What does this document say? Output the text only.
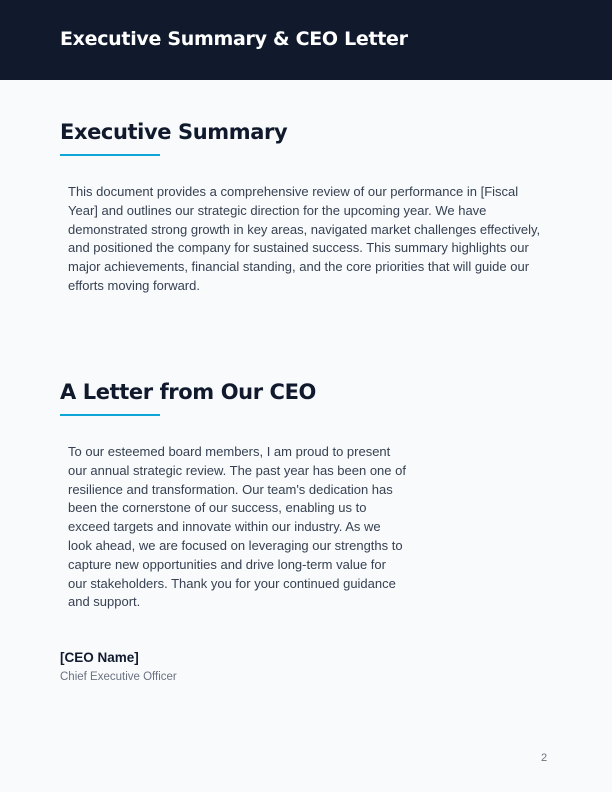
Executive Summary & CEO Letter
Executive Summary
This document provides a comprehensive review of our performance in [Fiscal Year] and outlines our strategic direction for the upcoming year. We have demonstrated strong growth in key areas, navigated market challenges effectively, and positioned the company for sustained success. This summary highlights our major achievements, financial standing, and the core priorities that will guide our efforts moving forward.
A Letter from Our CEO
To our esteemed board members, I am proud to present our annual strategic review. The past year has been one of resilience and transformation. Our team's dedication has been the cornerstone of our success, enabling us to exceed targets and innovate within our industry. As we look ahead, we are focused on leveraging our strengths to capture new opportunities and drive long-term value for our stakeholders. Thank you for your continued guidance and support.
[CEO Name]
Chief Executive Officer
2
